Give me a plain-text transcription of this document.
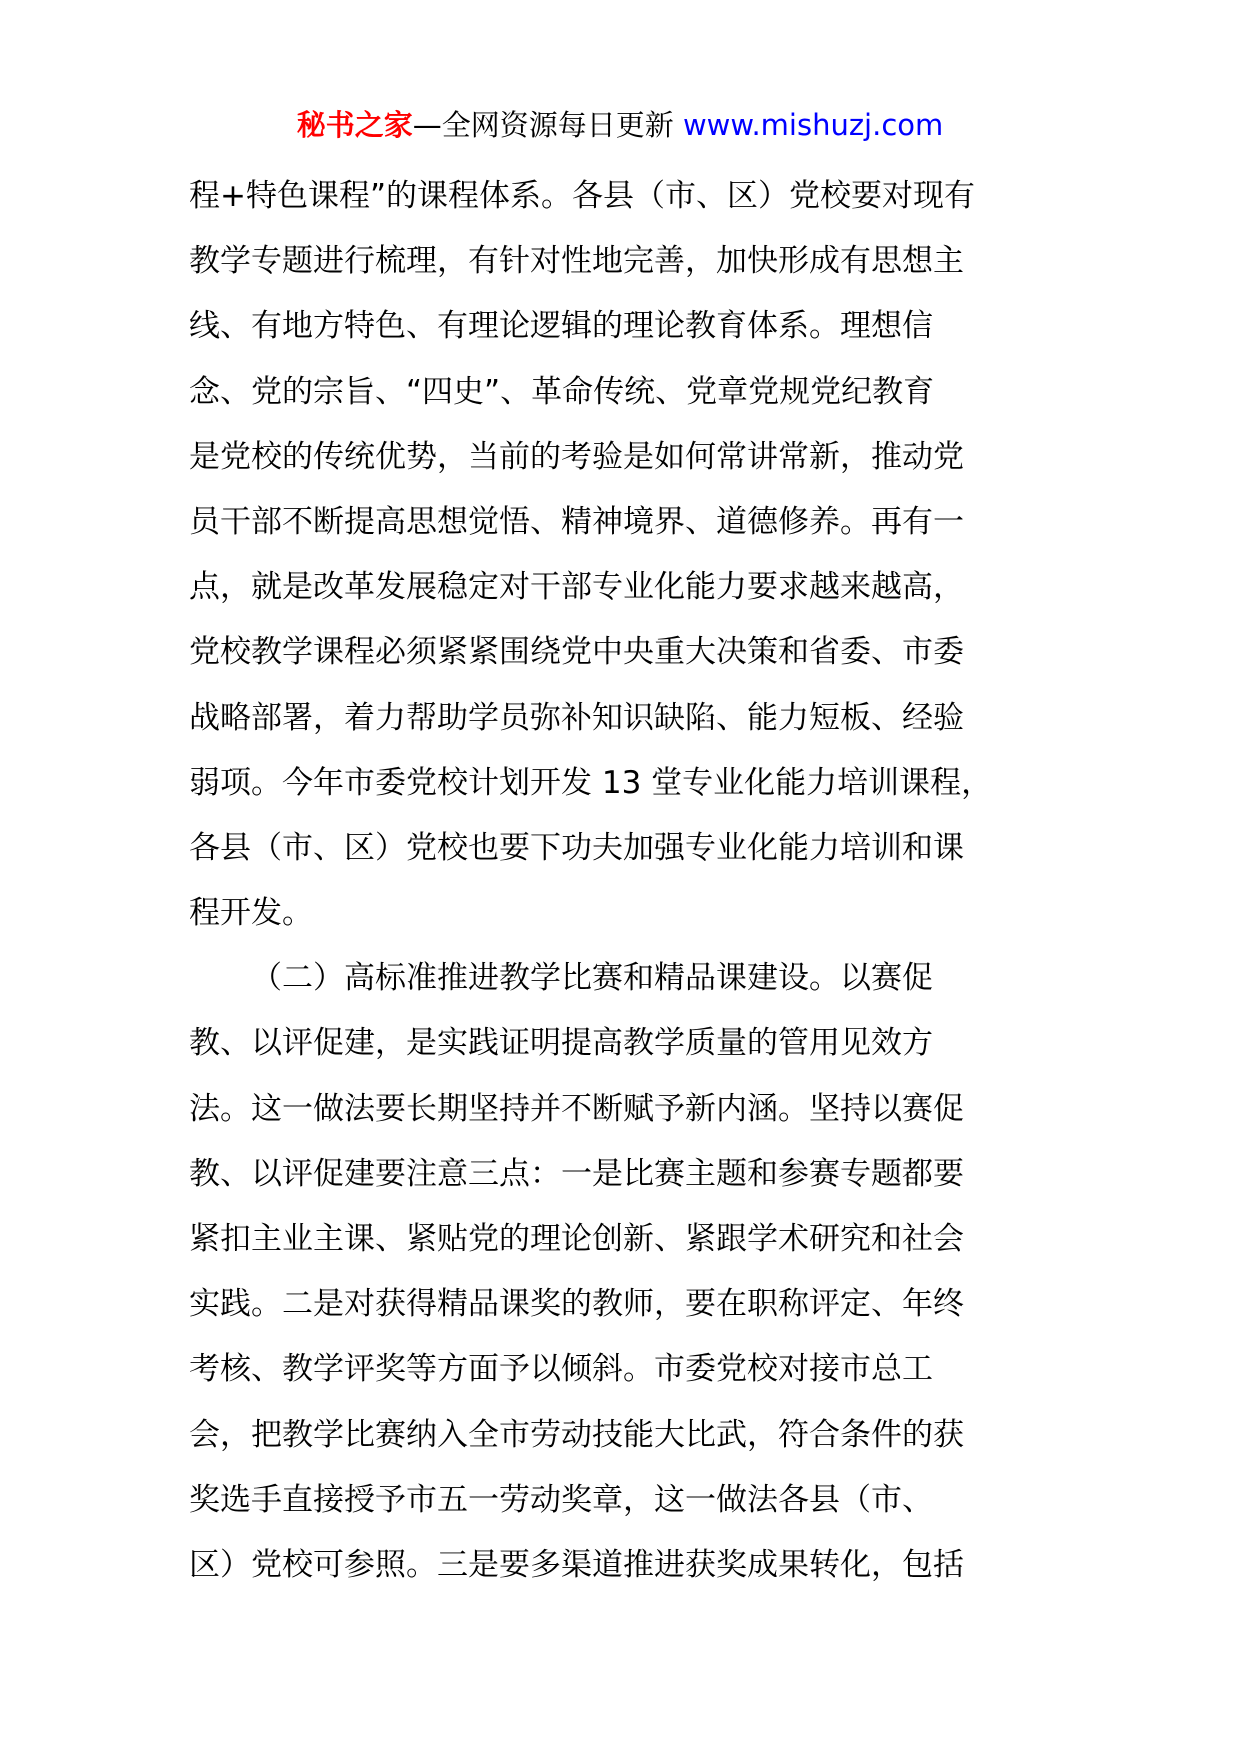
秘书之家—全网资源每日更新 www.mishuzj.com
程+特色课程”的课程体系。各县（市、区）党校要对现有
教学专题进行梳理，有针对性地完善，加快形成有思想主
线、有地方特色、有理论逻辑的理论教育体系。理想信
念、党的宗旨、“四史”、革命传统、党章党规党纪教育
是党校的传统优势，当前的考验是如何常讲常新，推动党
员干部不断提高思想觉悟、精神境界、道德修养。再有一
点，就是改革发展稳定对干部专业化能力要求越来越高，
党校教学课程必须紧紧围绕党中央重大决策和省委、市委
战略部署，着力帮助学员弥补知识缺陷、能力短板、经验
弱项。今年市委党校计划开发 13 堂专业化能力培训课程，
各县（市、区）党校也要下功夫加强专业化能力培训和课
程开发。
（二）高标准推进教学比赛和精品课建设。以赛促
教、以评促建，是实践证明提高教学质量的管用见效方
法。这一做法要长期坚持并不断赋予新内涵。坚持以赛促
教、以评促建要注意三点：一是比赛主题和参赛专题都要
紧扣主业主课、紧贴党的理论创新、紧跟学术研究和社会
实践。二是对获得精品课奖的教师，要在职称评定、年终
考核、教学评奖等方面予以倾斜。市委党校对接市总工
会，把教学比赛纳入全市劳动技能大比武，符合条件的获
奖选手直接授予市五一劳动奖章，这一做法各县（市、
区）党校可参照。三是要多渠道推进获奖成果转化，包括
